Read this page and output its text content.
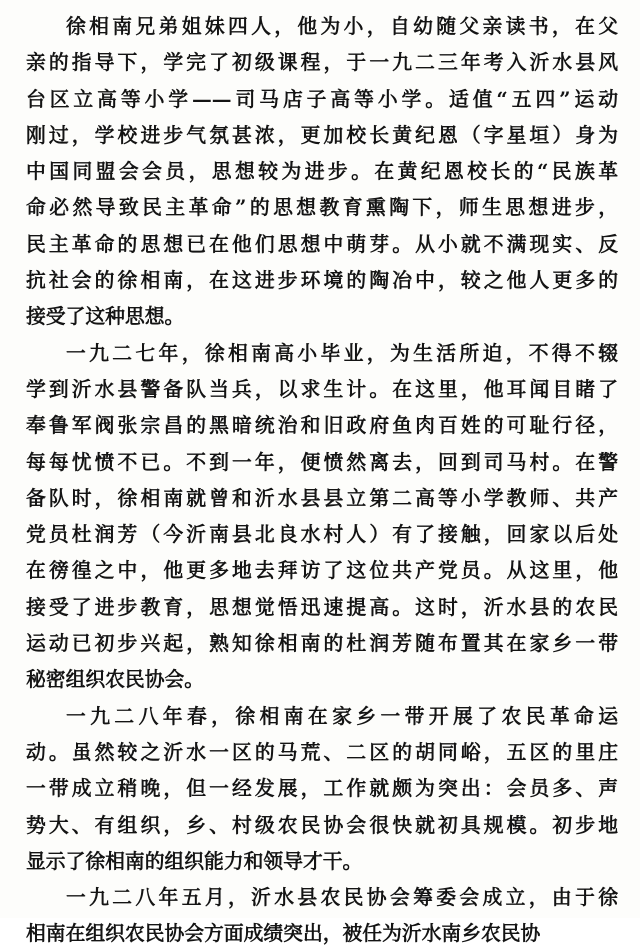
徐相南兄弟姐妹四人，他为小，自幼随父亲读书，在父
亲的指导下，学完了初级课程，于一九二三年考入沂水县风
台区立高等小学——司马店子高等小学。适值“五四”运动
刚过，学校进步气氛甚浓，更加校长黄纪恩（字星垣）身为
中国同盟会会员，思想较为进步。在黄纪恩校长的“民族革
命必然导致民主革命”的思想教育熏陶下，师生思想进步，
民主革命的思想已在他们思想中萌芽。从小就不满现实、反
抗社会的徐相南，在这进步环境的陶冶中，较之他人更多的
接受了这种思想。
一九二七年，徐相南高小毕业，为生活所迫，不得不辍
学到沂水县警备队当兵，以求生计。在这里，他耳闻目睹了
奉鲁军阀张宗昌的黑暗统治和旧政府鱼肉百姓的可耻行径，
每每忧愤不已。不到一年，便愤然离去，回到司马村。在警
备队时，徐相南就曾和沂水县县立第二高等小学教师、共产
党员杜润芳（今沂南县北良水村人）有了接触，回家以后处
在徬徨之中，他更多地去拜访了这位共产党员。从这里，他
接受了进步教育，思想觉悟迅速提高。这时，沂水县的农民
运动已初步兴起，熟知徐相南的杜润芳随布置其在家乡一带
秘密组织农民协会。
一九二八年春，徐相南在家乡一带开展了农民革命运
动。虽然较之沂水一区的马荒、二区的胡同峪，五区的里庄
一带成立稍晚，但一经发展，工作就颇为突出：会员多、声
势大、有组织，乡、村级农民协会很快就初具规模。初步地
显示了徐相南的组织能力和领导才干。
一九二八年五月，沂水县农民协会筹委会成立，由于徐
相南在组织农民协会方面成绩突出，被任为沂水南乡农民协
